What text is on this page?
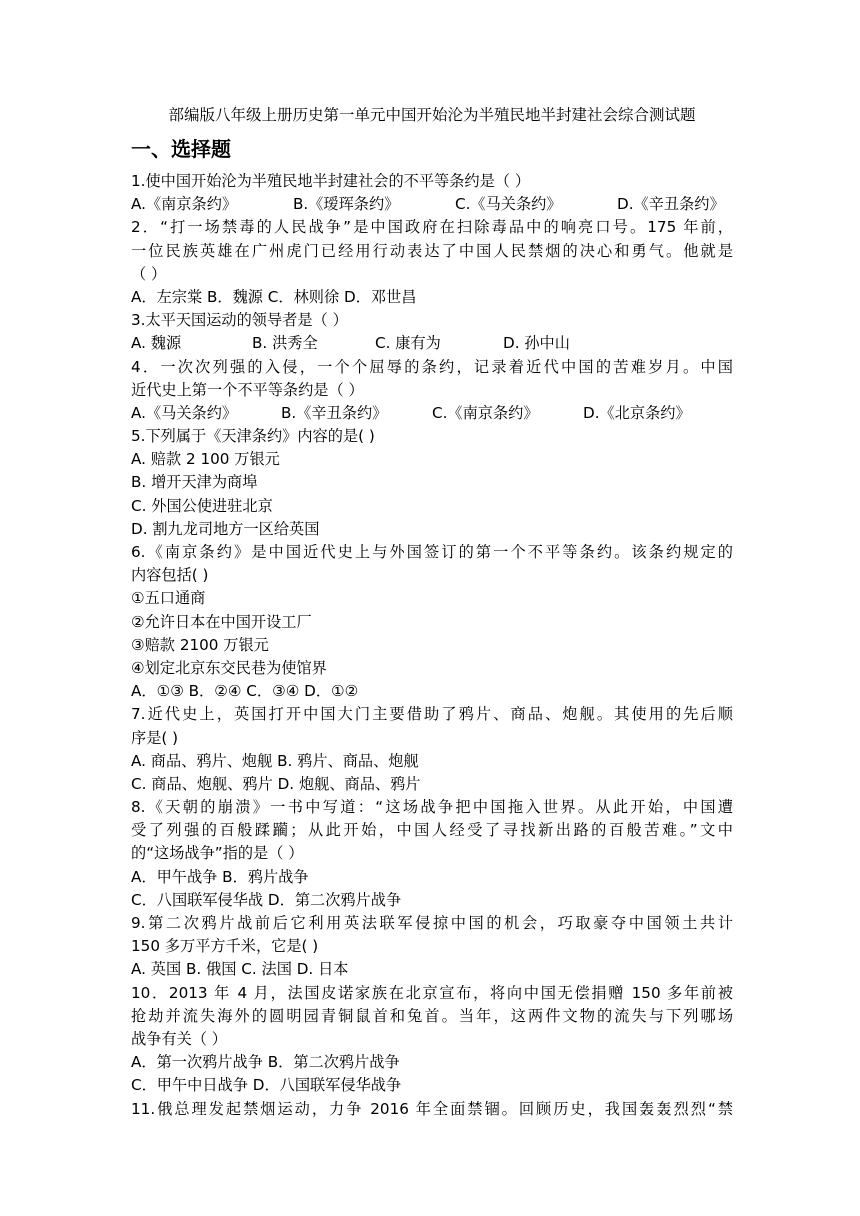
部编版八年级上册历史第一单元中国开始沦为半殖民地半封建社会综合测试题
一、选择题
1.使中国开始沦为半殖民地半封建社会的不平等条约是（ ）
A.《南京条约》	B.《瑷珲条约》	C.《马关条约》	D.《辛丑条约》
2．“打一场禁毒的人民战争”是中国政府在扫除毒品中的响亮口号。175 年前，
一位民族英雄在广州虎门已经用行动表达了中国人民禁烟的决心和勇气。他就是
（ ）
A．左宗棠 B．魏源 C．林则徐 D．邓世昌
3.太平天国运动的领导者是（ ）
A. 魏源	B. 洪秀全	C. 康有为	D. 孙中山
4．一次次列强的入侵，一个个屈辱的条约，记录着近代中国的苦难岁月。中国
近代史上第一个不平等条约是（ ）
A.《马关条约》	B.《辛丑条约》	C.《南京条约》	D.《北京条约》
5.下列属于《天津条约》内容的是( )
A. 赔款 2 100 万银元
B. 增开天津为商埠
C. 外国公使进驻北京
D. 割九龙司地方一区给英国
6.《南京条约》是中国近代史上与外国签订的第一个不平等条约。该条约规定的
内容包括( )
①五口通商
②允许日本在中国开设工厂
③赔款 2100 万银元
④划定北京东交民巷为使馆界
A．①③ B．②④ C．③④ D．①②
7.近代史上，英国打开中国大门主要借助了鸦片、商品、炮舰。其使用的先后顺
序是( )
A. 商品、鸦片、炮舰 B. 鸦片、商品、炮舰
C. 商品、炮舰、鸦片 D. 炮舰、商品、鸦片
8.《天朝的崩溃》一书中写道：“这场战争把中国拖入世界。从此开始，中国遭
受了列强的百般蹂躏；从此开始，中国人经受了寻找新出路的百般苦难。”文中
的“这场战争”指的是（ ）
A．甲午战争 B．鸦片战争
C．八国联军侵华战 D．第二次鸦片战争
9.第二次鸦片战前后它利用英法联军侵掠中国的机会，巧取豪夺中国领土共计
150 多万平方千米，它是( )
A. 英国 B. 俄国 C. 法国 D. 日本
10．2013 年 4 月，法国皮诺家族在北京宣布，将向中国无偿捐赠 150 多年前被
抢劫并流失海外的圆明园青铜鼠首和兔首。当年，这两件文物的流失与下列哪场
战争有关（ ）
A．第一次鸦片战争 B．第二次鸦片战争
C．甲午中日战争 D．八国联军侵华战争
11.俄总理发起禁烟运动，力争 2016 年全面禁锢。回顾历史，我国轰轰烈烈“禁
